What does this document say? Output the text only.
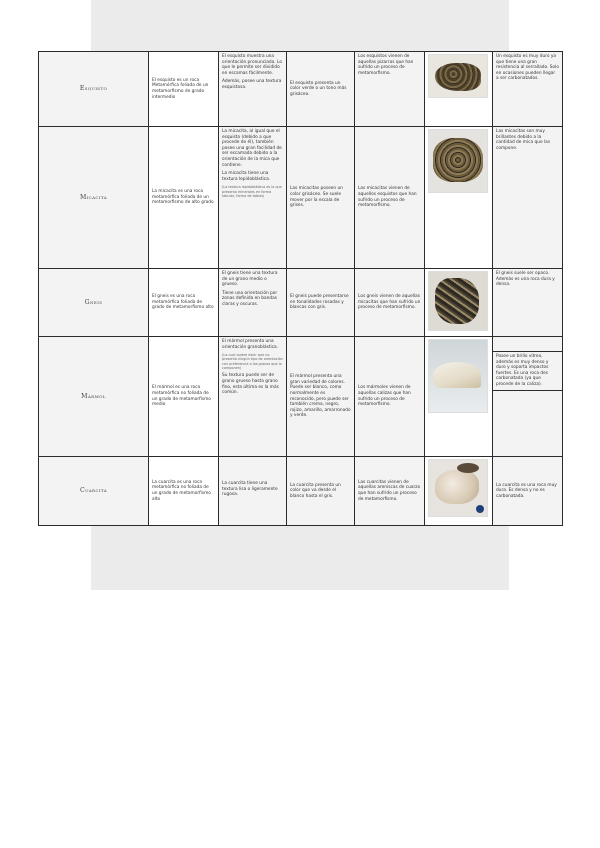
Esquisto	El esquisto es un roca Metamórfica foliada de un metamorfismo de grado intermedio	El esquisto muestra una orientación pronunciada. Lo que le permite ser dividido en escamas fácilmente.

Además, posee una textura esquistosa.	El esquisto presenta un color verde o un tono más grisáceo.	Los esquistos vienen de aquellas pizarras que han sufrido un proceso de metamorfismo.		Un esquisto es muy duro ya que tiene una gran resistencia al serrallado. Solo en ocasiones pueden llegar a ser carbonatados.
Micacita	La micacita es una roca metamórfica foliada de un metamorfismo de alto grado	La micacita, al igual que el esquisto (debido a que procede de él), también posee una gran facilidad de ser escamada debido a la orientación de la mica que contiene.

La micacita tiene una textura lepidoblástica.

(La textura lepidoblástica es la que presenta minerales en forma tabular, forma de tablas)	Las micacitas poseen un color grisáceo. Se suele mover por la escala de grises.	Las micacitas vienen de aquellos esquistos que han sufrido un proceso de metamorfismo.		Las micacitas son muy brillantes debido a la cantidad de mica que las compone.
Gneis	El gneis es una roca metamórfica foliada de grado de metamorfismo alto	El gneis tiene una textura de un grano medio o grueso.

Tiene una orientación por zonas definida en bandas claras y oscuras.	El gneis puede presentarse en tonalidades rosadas y blancas con gris.	Los gneis vienen de aquellas micacitas que han sufrido un proceso de metamorfismo.		El gneis suele ser opaco. Además es una roca dura y densa.
Mármol	El mármol es una roca metamórfica no foliada de un grado de metamorfismo medio	El mármol presenta una orientación granoblástica.

(La cual quiere decir que no presenta ningún tipo de orientación con preferencia a los granos que lo componen)

Su textura puede ser de grano grueso hasta grano fino, esta última es la más común.	El mármol presenta una gran variedad de colores. Puede ser blanco, como normalmente es reconocido, pero puede ser también crema, negro, rojizo, amarillo, amarronado y verde.	Los mármoles vienen de aquellas calizas que han sufrido un proceso de metamorfismo.		Posee un brillo vítreo, además es muy denso y duro y soporta impactos fuertes. Es una roca des carbonatada (ya que procede de la caliza).

Cuarcita	La cuarcita es una roca metamórfica no foliada de un grado de metamorfismo alto	La cuarcita tiene una textura lisa o ligeramente rugosa.	La cuarcita presenta un color que va desde el blanco hasta el gris.	Las cuarcitas vienen de aquellas areniscas de cuarzo que han sufrido un proceso de metamorfismo.		La cuarcita es una roca muy dura. Es densa y no es carbonatada.
